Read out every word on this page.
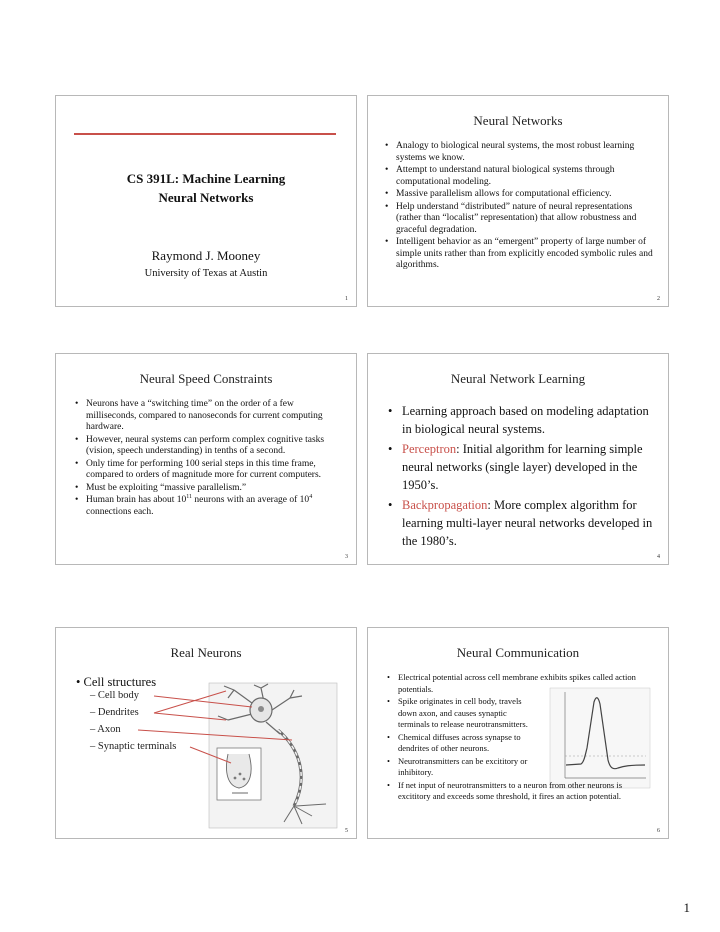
CS 391L: Machine Learning
Neural Networks
Raymond J. Mooney
University of Texas at Austin
1
Neural Networks
• Analogy to biological neural systems, the most robust learning systems we know.
• Attempt to understand natural biological systems through computational modeling.
• Massive parallelism allows for computational efficiency.
• Help understand “distributed” nature of neural representations (rather than “localist” representation) that allow robustness and graceful degradation.
• Intelligent behavior as an “emergent” property of large number of simple units rather than from explicitly encoded symbolic rules and algorithms.
2
Neural Speed Constraints
• Neurons have a “switching time” on the order of a few milliseconds, compared to nanoseconds for current computing hardware.
• However, neural systems can perform complex cognitive tasks (vision, speech understanding) in tenths of a second.
• Only time for performing 100 serial steps in this time frame, compared to orders of magnitude more for current computers.
• Must be exploiting “massive parallelism.”
• Human brain has about $10^{11}$ neurons with an average of $10^4$ connections each.
3
Neural Network Learning
• Learning approach based on modeling adaptation in biological neural systems.
• Perceptron: Initial algorithm for learning simple neural networks (single layer) developed in the 1950’s.
• Backpropagation: More complex algorithm for learning multi-layer neural networks developed in the 1980’s.
4
Real Neurons
• Cell structures
– Cell body
– Dendrites
– Axon
– Synaptic terminals
5
Neural Communication
• Electrical potential across cell membrane exhibits spikes called action potentials.
• Spike originates in cell body, travels down axon, and causes synaptic terminals to release neurotransmitters.
• Chemical diffuses across synapse to dendrites of other neurons.
• Neurotransmitters can be excititory or inhibitory.
• If net input of neurotransmitters to a neuron from other neurons is excititory and exceeds some threshold, it fires an action potential.
6
1
